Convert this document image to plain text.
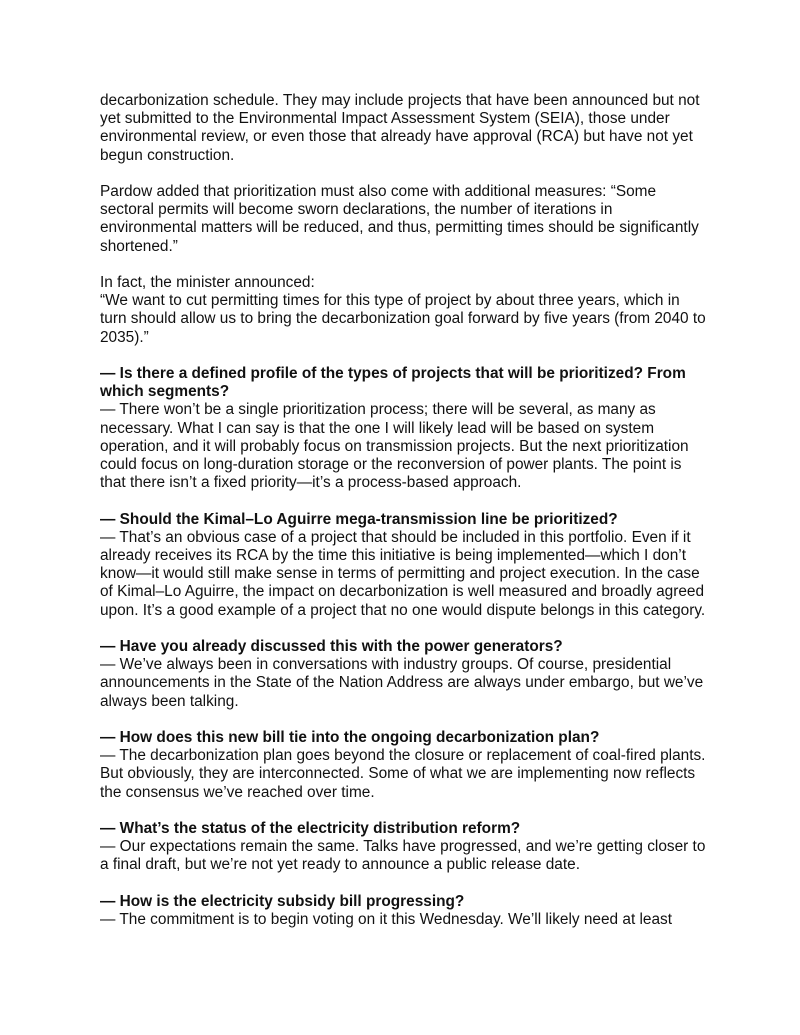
decarbonization schedule. They may include projects that have been announced but not yet submitted to the Environmental Impact Assessment System (SEIA), those under environmental review, or even those that already have approval (RCA) but have not yet begun construction.

Pardow added that prioritization must also come with additional measures: “Some sectoral permits will become sworn declarations, the number of iterations in environmental matters will be reduced, and thus, permitting times should be significantly shortened.”

In fact, the minister announced:
“We want to cut permitting times for this type of project by about three years, which in turn should allow us to bring the decarbonization goal forward by five years (from 2040 to 2035).”
— Is there a defined profile of the types of projects that will be prioritized? From which segments?
— There won’t be a single prioritization process; there will be several, as many as necessary. What I can say is that the one I will likely lead will be based on system operation, and it will probably focus on transmission projects. But the next prioritization could focus on long-duration storage or the reconversion of power plants. The point is that there isn’t a fixed priority—it’s a process-based approach.
— Should the Kimal–Lo Aguirre mega-transmission line be prioritized?
— That’s an obvious case of a project that should be included in this portfolio. Even if it already receives its RCA by the time this initiative is being implemented—which I don’t know—it would still make sense in terms of permitting and project execution. In the case of Kimal–Lo Aguirre, the impact on decarbonization is well measured and broadly agreed upon. It’s a good example of a project that no one would dispute belongs in this category.
— Have you already discussed this with the power generators?
— We’ve always been in conversations with industry groups. Of course, presidential announcements in the State of the Nation Address are always under embargo, but we’ve always been talking.
— How does this new bill tie into the ongoing decarbonization plan?
— The decarbonization plan goes beyond the closure or replacement of coal-fired plants. But obviously, they are interconnected. Some of what we are implementing now reflects the consensus we’ve reached over time.
— What’s the status of the electricity distribution reform?
— Our expectations remain the same. Talks have progressed, and we’re getting closer to a final draft, but we’re not yet ready to announce a public release date.
— How is the electricity subsidy bill progressing?
— The commitment is to begin voting on it this Wednesday. We’ll likely need at least
